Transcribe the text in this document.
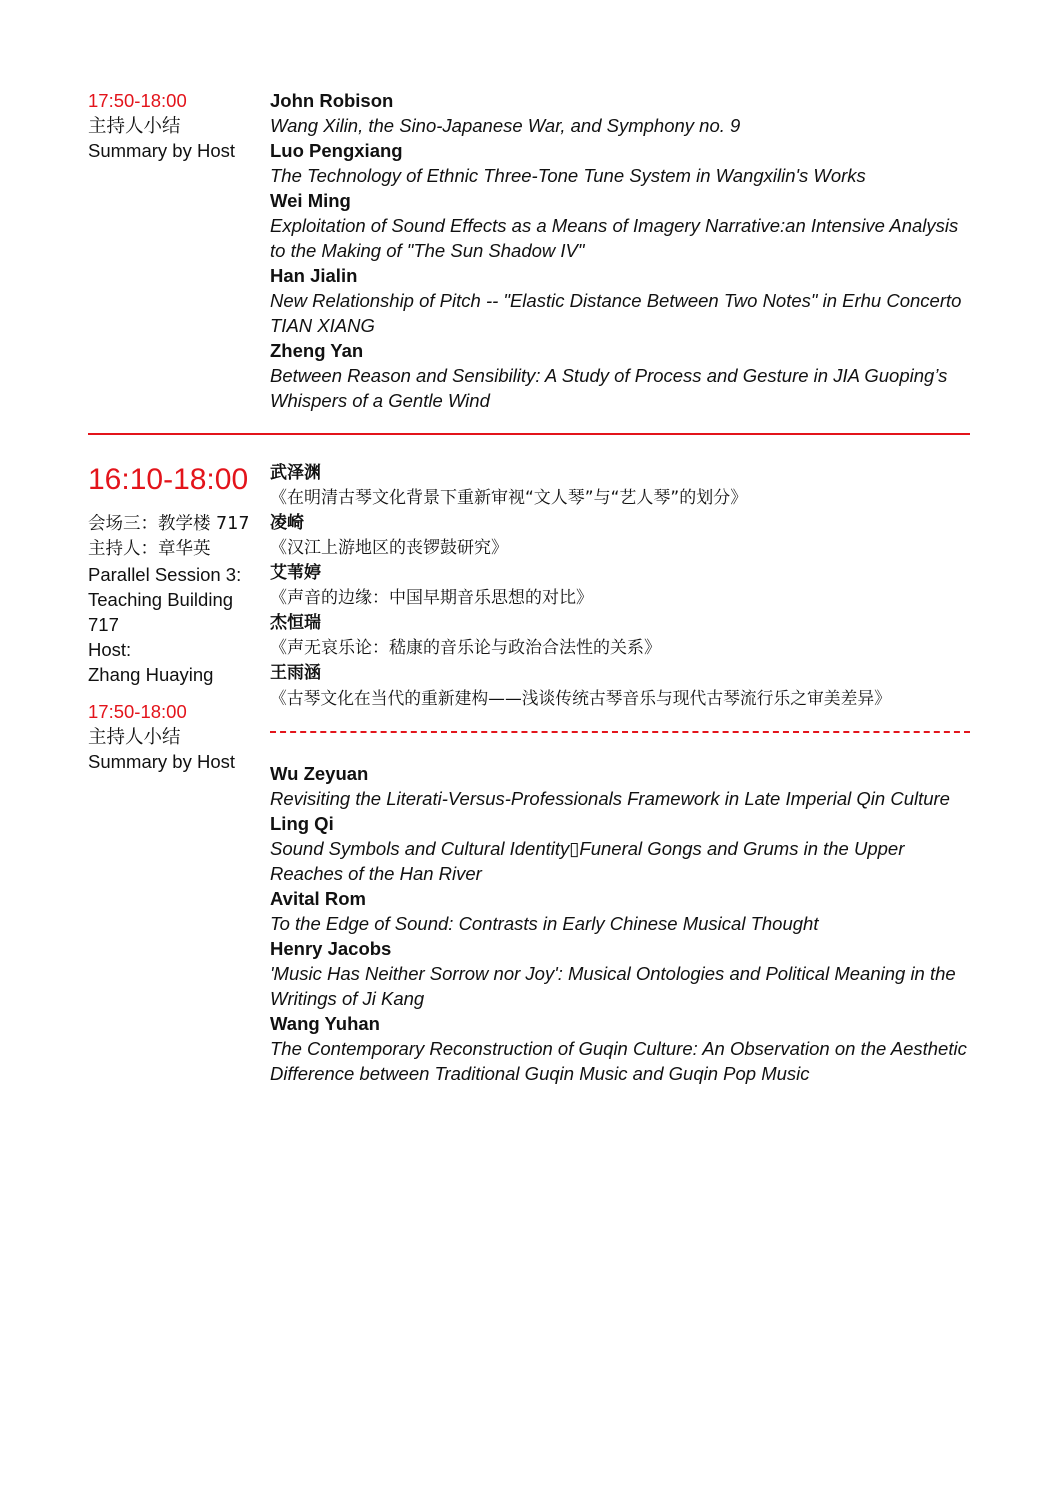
17:50-18:00
主持人小结
Summary by Host
John Robison
Wang Xilin, the Sino-Japanese War, and Symphony no. 9
Luo Pengxiang
The Technology of Ethnic Three-Tone Tune System in Wangxilin's Works
Wei Ming
Exploitation of Sound Effects as a Means of Imagery Narrative:an Intensive Analysis to the Making of "The Sun Shadow IV"
Han Jialin
New Relationship of Pitch -- "Elastic Distance Between Two Notes" in Erhu Concerto TIAN XIANG
Zheng Yan
Between Reason and Sensibility: A Study of Process and Gesture in JIA Guoping’s Whispers of a Gentle Wind
16:10-18:00
会场三：教学楼 717
主持人：章华英
Parallel Session 3:
Teaching Building
717
Host:
Zhang Huaying
17:50-18:00
主持人小结
Summary by Host
武泽渊
《在明清古琴文化背景下重新审视“文人琴”与“艺人琴”的划分》
凌崎
《汉江上游地区的丧锣鼓研究》
艾苇婷
《声音的边缘：中国早期音乐思想的对比》
杰恒瑞
《声无哀乐论：嵇康的音乐论与政治合法性的关系》
王雨涵
《古琴文化在当代的重新建构——浅谈传统古琴音乐与现代古琴流行乐之审美差异》
Wu Zeyuan
Revisiting the Literati-Versus-Professionals Framework in Late Imperial Qin Culture
Ling Qi
Sound Symbols and Cultural Identity▯Funeral Gongs and Grums in the Upper Reaches of the Han River
Avital Rom
To the Edge of Sound: Contrasts in Early Chinese Musical Thought
Henry Jacobs
'Music Has Neither Sorrow nor Joy': Musical Ontologies and Political Meaning in the Writings of Ji Kang
Wang Yuhan
The Contemporary Reconstruction of Guqin Culture: An Observation on the Aesthetic Difference between Traditional Guqin Music and Guqin Pop Music
